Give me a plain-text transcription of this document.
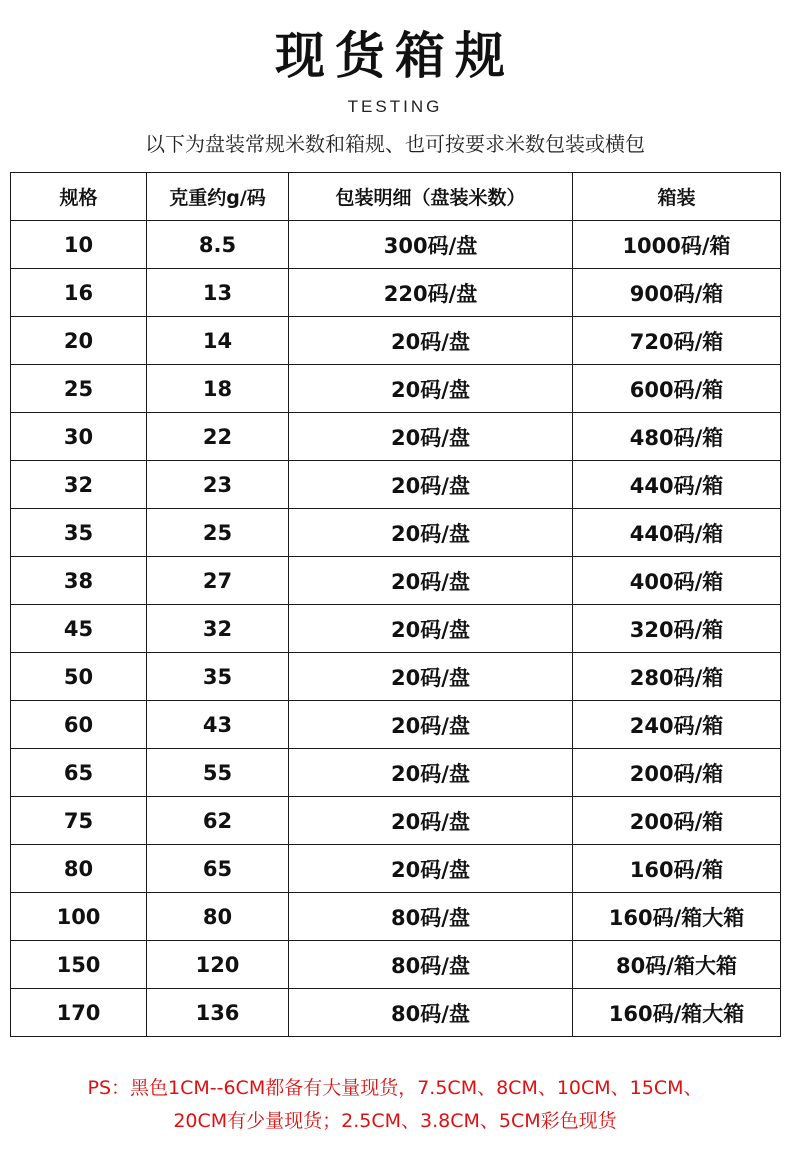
现货箱规
TESTING
以下为盘装常规米数和箱规、也可按要求米数包装或横包
规格	克重约g/码	包装明细（盘装米数）	箱装
10	8.5	300码/盘	1000码/箱
16	13	220码/盘	900码/箱
20	14	20码/盘	720码/箱
25	18	20码/盘	600码/箱
30	22	20码/盘	480码/箱
32	23	20码/盘	440码/箱
35	25	20码/盘	440码/箱
38	27	20码/盘	400码/箱
45	32	20码/盘	320码/箱
50	35	20码/盘	280码/箱
60	43	20码/盘	240码/箱
65	55	20码/盘	200码/箱
75	62	20码/盘	200码/箱
80	65	20码/盘	160码/箱
100	80	80码/盘	160码/箱大箱
150	120	80码/盘	80码/箱大箱
170	136	80码/盘	160码/箱大箱
PS：黑色1CM--6CM都备有大量现货，7.5CM、8CM、10CM、15CM、
20CM有少量现货；2.5CM、3.8CM、5CM彩色现货
